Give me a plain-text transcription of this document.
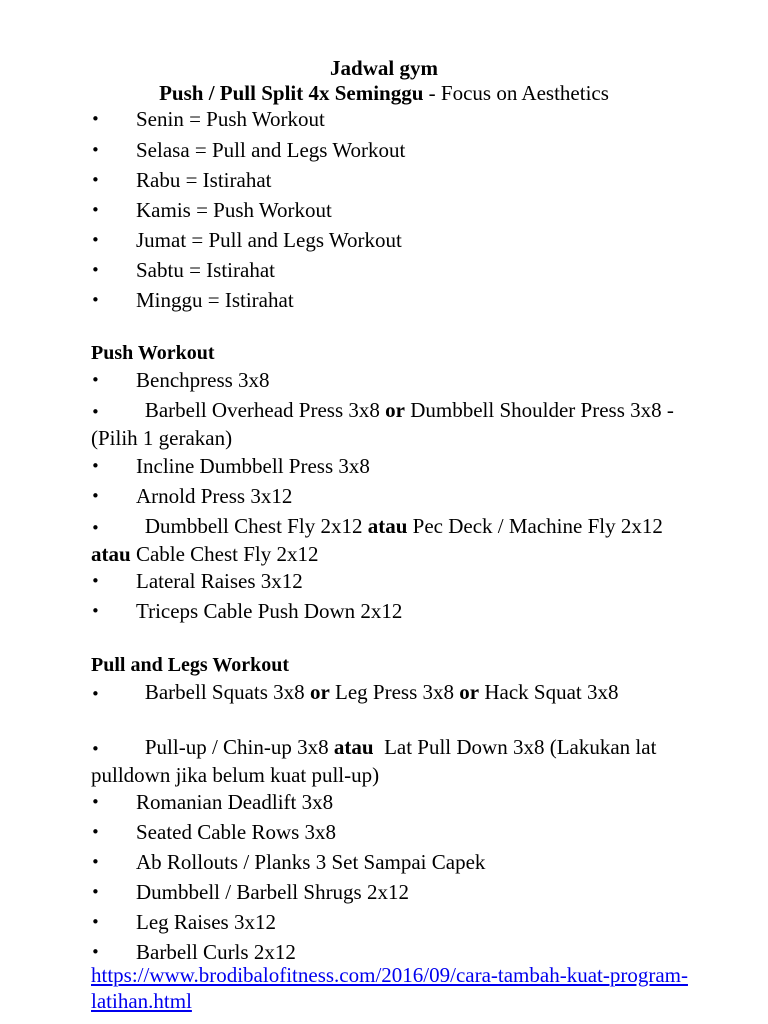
Jadwal gym
Push / Pull Split 4x Seminggu - Focus on Aesthetics
•	Senin = Push Workout
•	Selasa = Pull and Legs Workout
•	Rabu = Istirahat
•	Kamis = Push Workout
•	Jumat = Pull and Legs Workout
•	Sabtu = Istirahat
•	Minggu = Istirahat
Push Workout
•	Benchpress 3x8
• Barbell Overhead Press 3x8 or Dumbbell Shoulder Press 3x8 - (Pilih 1 gerakan)
•	Incline Dumbbell Press 3x8
•	Arnold Press 3x12
• Dumbbell Chest Fly 2x12 atau Pec Deck / Machine Fly 2x12 atau Cable Chest Fly 2x12
•	Lateral Raises 3x12
•	Triceps Cable Push Down 2x12
Pull and Legs Workout
• Barbell Squats 3x8 or Leg Press 3x8 or Hack Squat 3x8
• Pull-up / Chin-up 3x8 atau  Lat Pull Down 3x8 (Lakukan lat pulldown jika belum kuat pull-up)
•	Romanian Deadlift 3x8
•	Seated Cable Rows 3x8
•	Ab Rollouts / Planks 3 Set Sampai Capek
•	Dumbbell / Barbell Shrugs 2x12
•	Leg Raises 3x12
•	Barbell Curls 2x12
https://www.brodibalofitness.com/2016/09/cara-tambah-kuat-program-latihan.html
